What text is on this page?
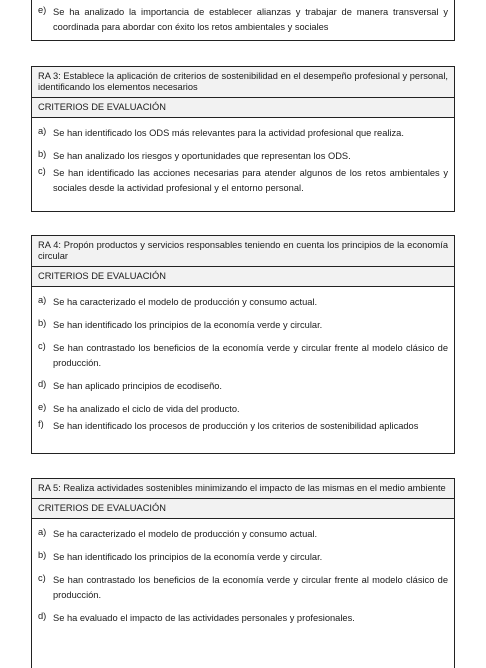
e) Se ha analizado la importancia de establecer alianzas y trabajar de manera transversal y coordinada para abordar con éxito los retos ambientales y sociales
RA 3: Establece la aplicación de criterios de sostenibilidad en el desempeño profesional y personal, identificando los elementos necesarios
CRITERIOS DE EVALUACIÓN
a) Se han identificado los ODS más relevantes para la actividad profesional que realiza.
b) Se han analizado los riesgos y oportunidades que representan los ODS.
c) Se han identificado las acciones necesarias para atender algunos de los retos ambientales y sociales desde la actividad profesional y el entorno personal.
RA 4: Propón productos y servicios responsables teniendo en cuenta los principios de la economía circular
CRITERIOS DE EVALUACIÓN
a) Se ha caracterizado el modelo de producción y consumo actual.
b) Se han identificado los principios de la economía verde y circular.
c) Se han contrastado los beneficios de la economía verde y circular frente al modelo clásico de producción.
d) Se han aplicado principios de ecodiseño.
e) Se ha analizado el ciclo de vida del producto.
f)	Se han identificado los procesos de producción y los criterios de sostenibilidad aplicados
RA 5: Realiza actividades sostenibles minimizando el impacto de las mismas en el medio ambiente
CRITERIOS DE EVALUACIÓN
a) Se ha caracterizado el modelo de producción y consumo actual.
b) Se han identificado los principios de la economía verde y circular.
c) Se han contrastado los beneficios de la economía verde y circular frente al modelo clásico de producción.
d) Se ha evaluado el impacto de las actividades personales y profesionales.
